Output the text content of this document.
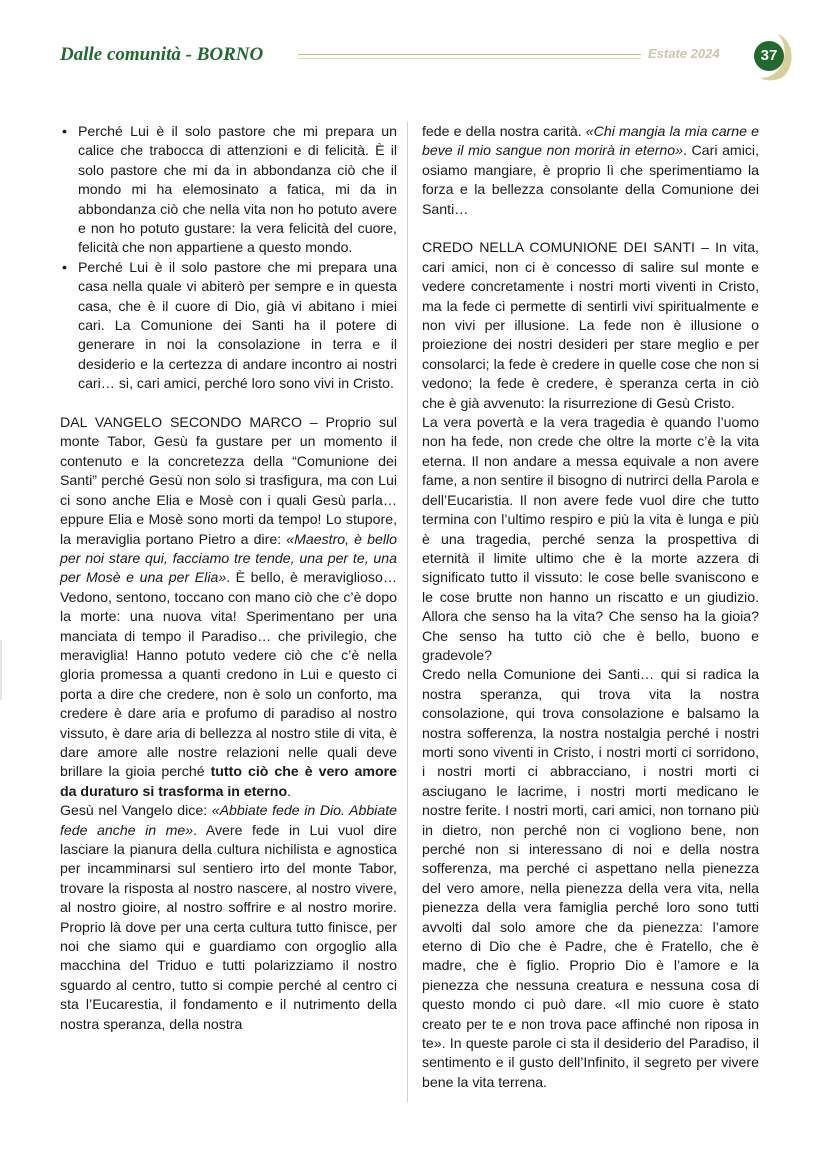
Dalle comunità - BORNO	Estate 2024	37
• Perché Lui è il solo pastore che mi prepara un calice che trabocca di attenzioni e di felicità. È il solo pastore che mi da in abbondanza ciò che il mondo mi ha elemosinato a fatica, mi da in abbondanza ciò che nella vita non ho potuto avere e non ho potuto gustare: la vera felicità del cuore, felicità che non appartiene a questo mondo.
• Perché Lui è il solo pastore che mi prepara una casa nella quale vi abiterò per sempre e in questa casa, che è il cuore di Dio, già vi abitano i miei cari. La Comunione dei Santi ha il potere di generare in noi la consolazione in terra e il desiderio e la certezza di andare incontro ai nostri cari… si, cari amici, perché loro sono vivi in Cristo.

DAL VANGELO SECONDO MARCO – Proprio sul monte Tabor, Gesù fa gustare per un momento il contenuto e la concretezza della “Comunione dei Santi” perché Gesù non solo si trasfigura, ma con Lui ci sono anche Elia e Mosè con i quali Gesù parla… eppure Elia e Mosè sono morti da tempo! Lo stupore, la meraviglia portano Pietro a dire: «Maestro, è bello per noi stare qui, facciamo tre tende, una per te, una per Mosè e una per Elia». È bello, è meraviglioso… Vedono, sentono, toccano con mano ciò che c’è dopo la morte: una nuova vita! Sperimentano per una manciata di tempo il Paradiso… che privilegio, che meraviglia! Hanno potuto vedere ciò che c’è nella gloria promessa a quanti credono in Lui e questo ci porta a dire che credere, non è solo un conforto, ma credere è dare aria e profumo di paradiso al nostro vissuto, è dare aria di bellezza al nostro stile di vita, è dare amore alle nostre relazioni nelle quali deve brillare la gioia perché tutto ciò che è vero amore da duraturo si trasforma in eterno.

Gesù nel Vangelo dice: «Abbiate fede in Dio. Abbiate fede anche in me». Avere fede in Lui vuol dire lasciare la pianura della cultura nichilista e agnostica per incamminarsi sul sentiero irto del monte Tabor, trovare la risposta al nostro nascere, al nostro vivere, al nostro gioire, al nostro soffrire e al nostro morire. Proprio là dove per una certa cultura tutto finisce, per noi che siamo qui e guardiamo con orgoglio alla macchina del Triduo e tutti polarizziamo il nostro sguardo al centro, tutto si compie perché al centro ci sta l’Eucarestia, il fondamento e il nutrimento della nostra speranza, della nostra

fede e della nostra carità. «Chi mangia la mia carne e beve il mio sangue non morirà in eterno». Cari amici, osiamo mangiare, è proprio lì che sperimentiamo la forza e la bellezza consolante della Comunione dei Santi…

CREDO NELLA COMUNIONE DEI SANTI – In vita, cari amici, non ci è concesso di salire sul monte e vedere concretamente i nostri morti viventi in Cristo, ma la fede ci permette di sentirli vivi spiritualmente e non vivi per illusione. La fede non è illusione o proiezione dei nostri desideri per stare meglio e per consolarci; la fede è credere in quelle cose che non si vedono; la fede è credere, è speranza certa in ciò che è già avvenuto: la risurrezione di Gesù Cristo.

La vera povertà e la vera tragedia è quando l’uomo non ha fede, non crede che oltre la morte c’è la vita eterna. Il non andare a messa equivale a non avere fame, a non sentire il bisogno di nutrirci della Parola e dell’Eucaristia. Il non avere fede vuol dire che tutto termina con l’ultimo respiro e più la vita è lunga e più è una tragedia, perché senza la prospettiva di eternità il limite ultimo che è la morte azzera di significato tutto il vissuto: le cose belle svaniscono e le cose brutte non hanno un riscatto e un giudizio. Allora che senso ha la vita? Che senso ha la gioia? Che senso ha tutto ciò che è bello, buono e gradevole?

Credo nella Comunione dei Santi… qui si radica la nostra speranza, qui trova vita la nostra consolazione, qui trova consolazione e balsamo la nostra sofferenza, la nostra nostalgia perché i nostri morti sono viventi in Cristo, i nostri morti ci sorridono, i nostri morti ci abbracciano, i nostri morti ci asciugano le lacrime, i nostri morti medicano le nostre ferite. I nostri morti, cari amici, non tornano più in dietro, non perché non ci vogliono bene, non perché non si interessano di noi e della nostra sofferenza, ma perché ci aspettano nella pienezza del vero amore, nella pienezza della vera vita, nella pienezza della vera famiglia perché loro sono tutti avvolti dal solo amore che da pienezza: l’amore eterno di Dio che è Padre, che è Fratello, che è madre, che è figlio. Proprio Dio è l’amore e la pienezza che nessuna creatura e nessuna cosa di questo mondo ci può dare. «Il mio cuore è stato creato per te e non trova pace affinché non riposa in te». In queste parole ci sta il desiderio del Paradiso, il sentimento e il gusto dell’Infinito, il segreto per vivere bene la vita terrena.
